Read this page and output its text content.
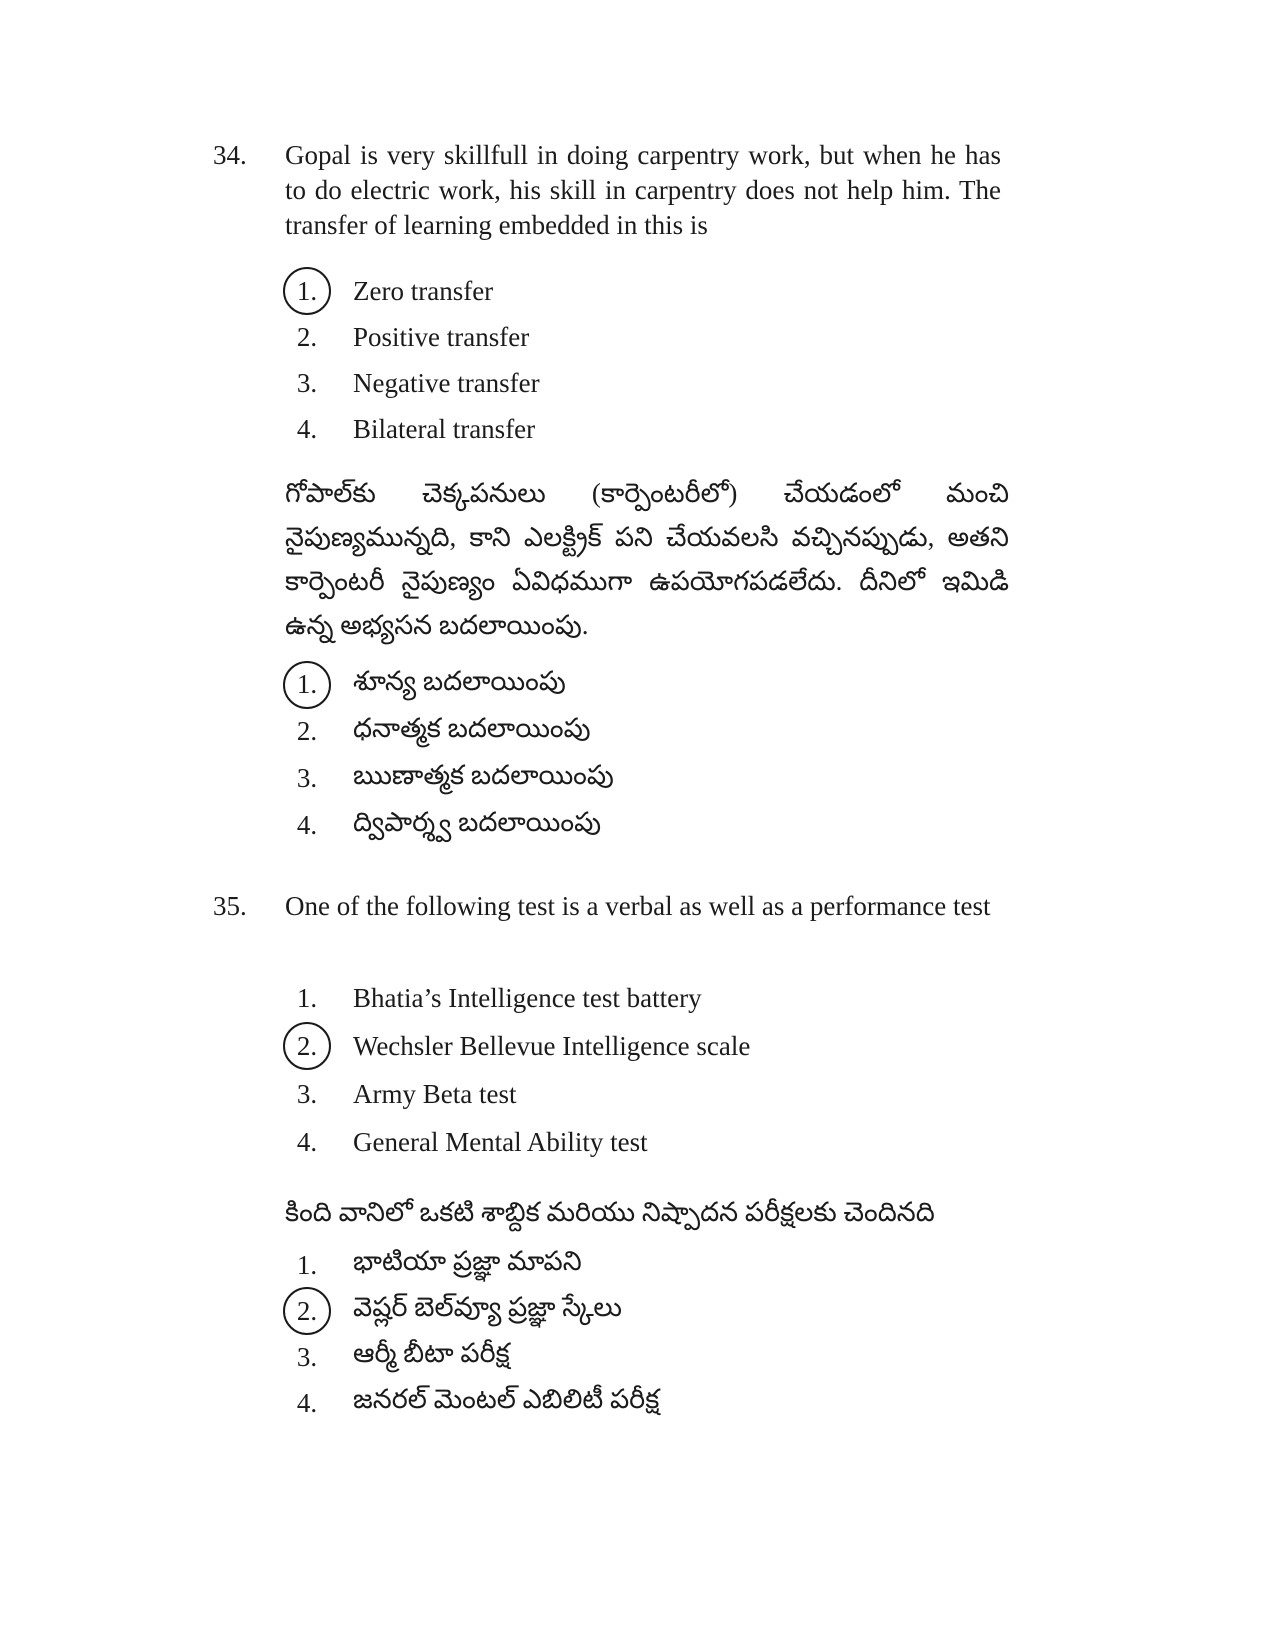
34.	Gopal is very skillfull in doing carpentry work, but when he has to do electric work, his skill in carpentry does not help him. The transfer of learning embedded in this is
1.	Zero transfer
2.	Positive transfer
3.	Negative transfer
4.	Bilateral transfer
గోపాల్‌కు చెక్కపనులు (కార్పెంటరీలో) చేయడంలో మంచి నైపుణ్యమున్నది, కాని ఎలక్ట్రిక్ పని చేయవలసి వచ్చినప్పుడు, అతని కార్పెంటరీ నైపుణ్యం ఏవిధముగా ఉపయోగపడలేదు. దీనిలో ఇమిడి ఉన్న అభ్యసన బదలాయింపు.
1.	శూన్య బదలాయింపు
2.	ధనాత్మక బదలాయింపు
3.	ఋణాత్మక బదలాయింపు
4.	ద్విపార్శ్వ బదలాయింపు
35.	One of the following test is a verbal as well as a performance test
1.	Bhatia’s Intelligence test battery
2.	Wechsler Bellevue Intelligence scale
3.	Army Beta test
4.	General Mental Ability test
కింది వానిలో ఒకటి శాబ్దిక మరియు నిష్పాదన పరీక్షలకు చెందినది
1.	భాటియా ప్రజ్ఞా మాపని
2.	వెష్లర్ బెల్‌వ్యూ ప్రజ్ఞా స్కేలు
3.	ఆర్మీ బీటా పరీక్ష
4.	జనరల్ మెంటల్ ఎబిలిటీ పరీక్ష
